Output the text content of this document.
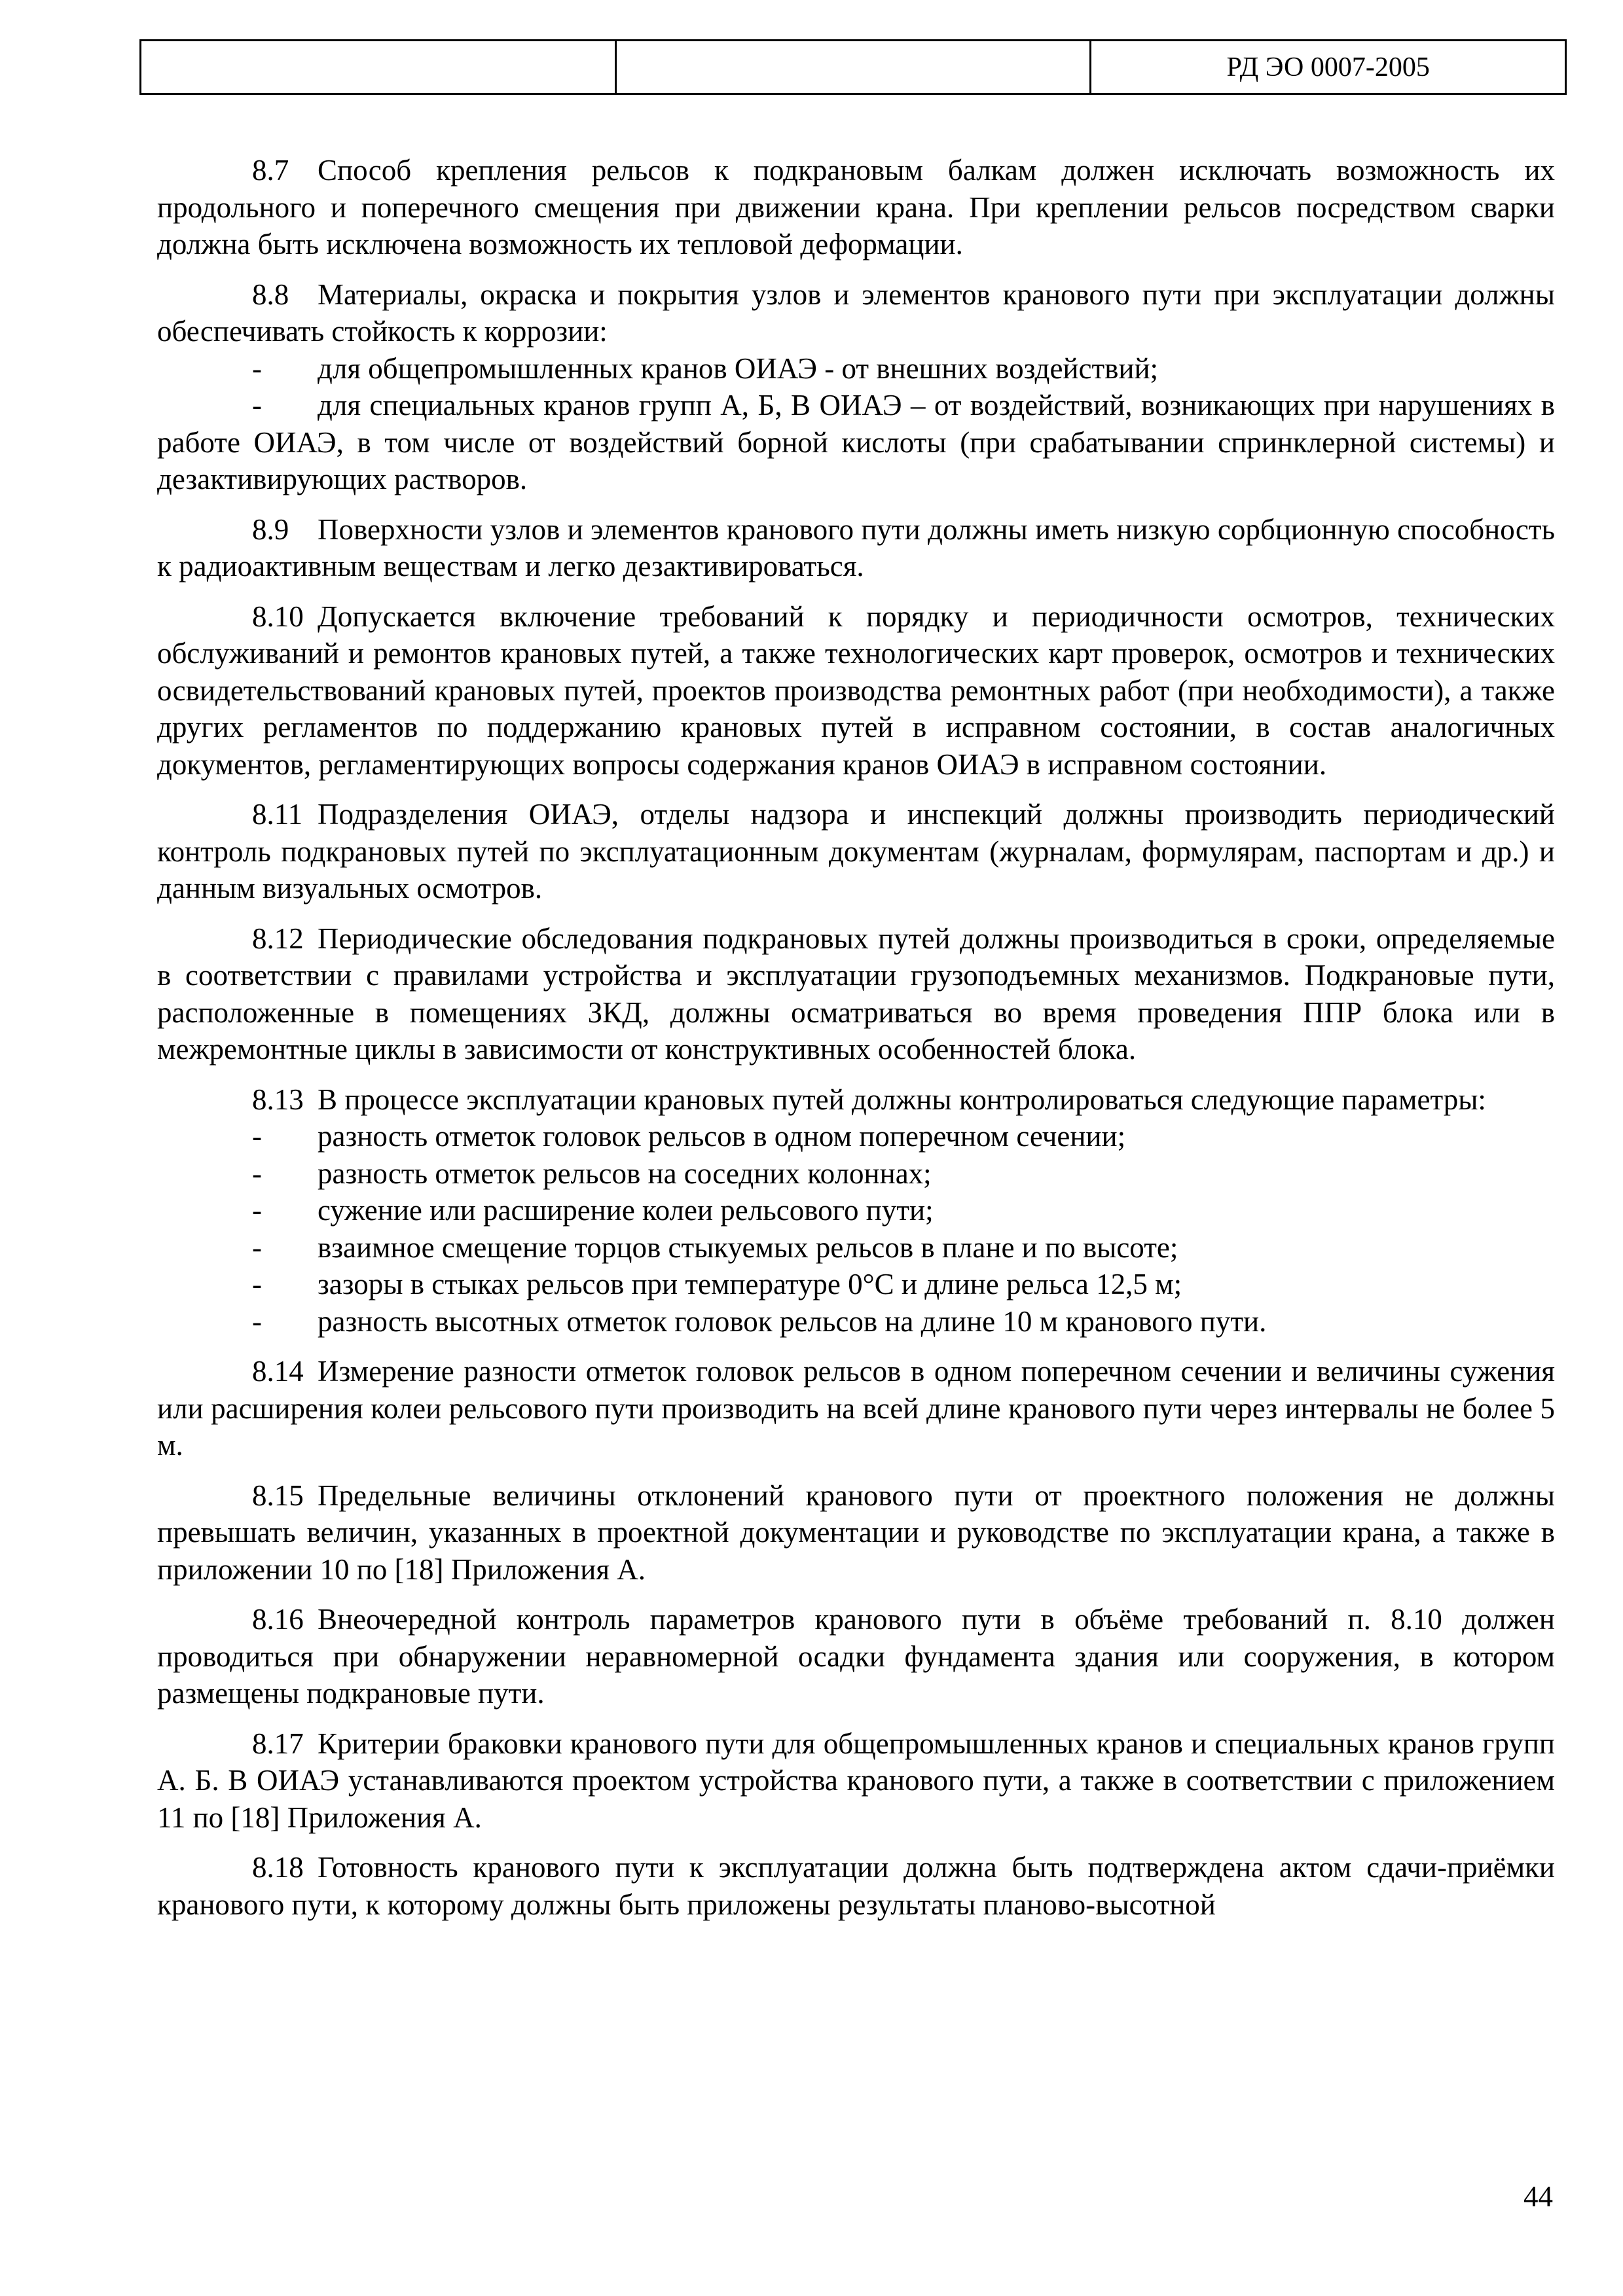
		РД ЭО 0007-2005

8.7 Способ крепления рельсов к подкрановым балкам должен исключать возможность их продольного и поперечного смещения при движении крана. При креплении рельсов посредством сварки должна быть исключена возможность их тепловой деформации.

8.8 Материалы, окраска и покрытия узлов и элементов кранового пути при эксплуатации должны обеспечивать стойкость к коррозии:

- для общепромышленных кранов ОИАЭ - от внешних воздействий;
- для специальных кранов групп А, Б, В ОИАЭ – от воздействий, возникающих при нарушениях в работе ОИАЭ, в том числе от воздействий борной кислоты (при срабатывании спринклерной системы) и дезактивирующих растворов.

8.9 Поверхности узлов и элементов кранового пути должны иметь низкую сорбционную способность к радиоактивным веществам и легко дезактивироваться.

8.10 Допускается включение требований к порядку и периодичности осмотров, технических обслуживаний и ремонтов крановых путей, а также технологических карт проверок, осмотров и технических освидетельствований крановых путей, проектов производства ремонтных работ (при необходимости), а также других регламентов по поддержанию крановых путей в исправном состоянии, в состав аналогичных документов, регламентирующих вопросы содержания кранов ОИАЭ в исправном состоянии.

8.11 Подразделения ОИАЭ, отделы надзора и инспекций должны производить периодический контроль подкрановых путей по эксплуатационным документам (журналам, формулярам, паспортам и др.) и данным визуальных осмотров.

8.12 Периодические обследования подкрановых путей должны производиться в сроки, определяемые в соответствии с правилами устройства и эксплуатации грузоподъемных механизмов. Подкрановые пути, расположенные в помещениях ЗКД, должны осматриваться во время проведения ППР блока или в межремонтные циклы в зависимости от конструктивных особенностей блока.

8.13 В процессе эксплуатации крановых путей должны контролироваться следующие параметры:

- разность отметок головок рельсов в одном поперечном сечении;
- разность отметок рельсов на соседних колоннах;
- сужение или расширение колеи рельсового пути;
- взаимное смещение торцов стыкуемых рельсов в плане и по высоте;
- зазоры в стыках рельсов при температуре 0°С и длине рельса 12,5 м;
- разность высотных отметок головок рельсов на длине 10 м кранового пути.

8.14 Измерение разности отметок головок рельсов в одном поперечном сечении и величины сужения или расширения колеи рельсового пути производить на всей длине кранового пути через интервалы не более 5 м.

8.15 Предельные величины отклонений кранового пути от проектного положения не должны превышать величин, указанных в проектной документации и руководстве по эксплуатации крана, а также в приложении 10 по [18] Приложения А.

8.16 Внеочередной контроль параметров кранового пути в объёме требований п. 8.10 должен проводиться при обнаружении неравномерной осадки фундамента здания или сооружения, в котором размещены подкрановые пути.

8.17 Критерии браковки кранового пути для общепромышленных кранов и специальных кранов групп А. Б. В ОИАЭ устанавливаются проектом устройства кранового пути, а также в соответствии с приложением 11 по [18] Приложения А.

8.18 Готовность кранового пути к эксплуатации должна быть подтверждена актом сдачи-приёмки кранового пути, к которому должны быть приложены результаты планово-высотной

44
